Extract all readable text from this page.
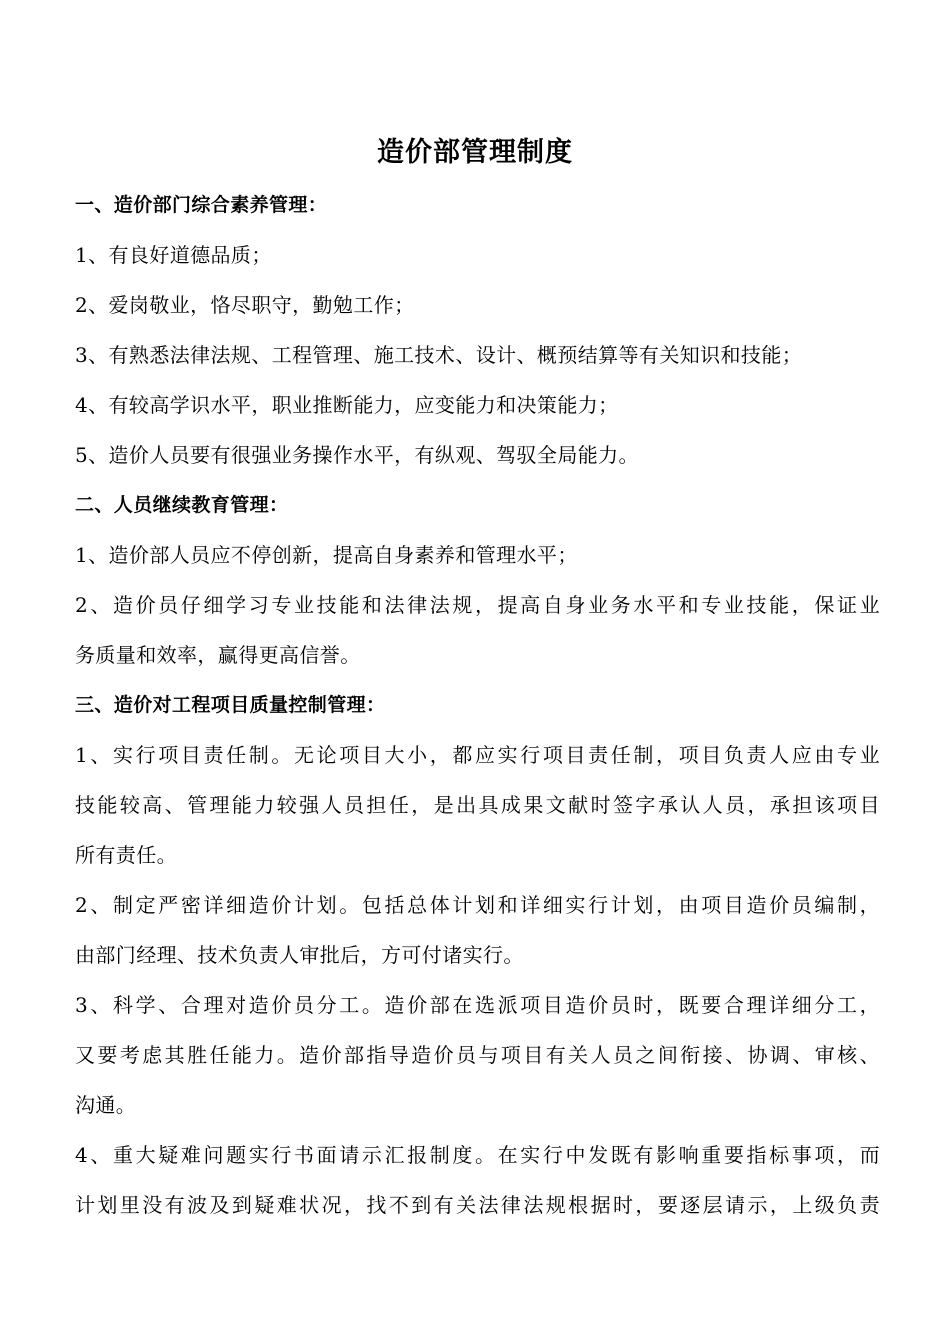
造价部管理制度
一、造价部门综合素养管理：
1、有良好道德品质；
2、爱岗敬业，恪尽职守，勤勉工作；
3、有熟悉法律法规、工程管理、施工技术、设计、概预结算等有关知识和技能；
4、有较高学识水平，职业推断能力，应变能力和决策能力；
5、造价人员要有很强业务操作水平，有纵观、驾驭全局能力。
二、人员继续教育管理：
1、造价部人员应不停创新，提高自身素养和管理水平；
2、造价员仔细学习专业技能和法律法规，提高自身业务水平和专业技能，保证业
务质量和效率，赢得更高信誉。
三、造价对工程项目质量控制管理：
1、实行项目责任制。无论项目大小，都应实行项目责任制，项目负责人应由专业
技能较高、管理能力较强人员担任，是出具成果文献时签字承认人员，承担该项目
所有责任。
2、制定严密详细造价计划。包括总体计划和详细实行计划，由项目造价员编制，
由部门经理、技术负责人审批后，方可付诸实行。
3、科学、合理对造价员分工。造价部在选派项目造价员时，既要合理详细分工，
又要考虑其胜任能力。造价部指导造价员与项目有关人员之间衔接、协调、审核、
沟通。
4、重大疑难问题实行书面请示汇报制度。在实行中发既有影响重要指标事项，而
计划里没有波及到疑难状况，找不到有关法律法规根据时，要逐层请示，上级负责
